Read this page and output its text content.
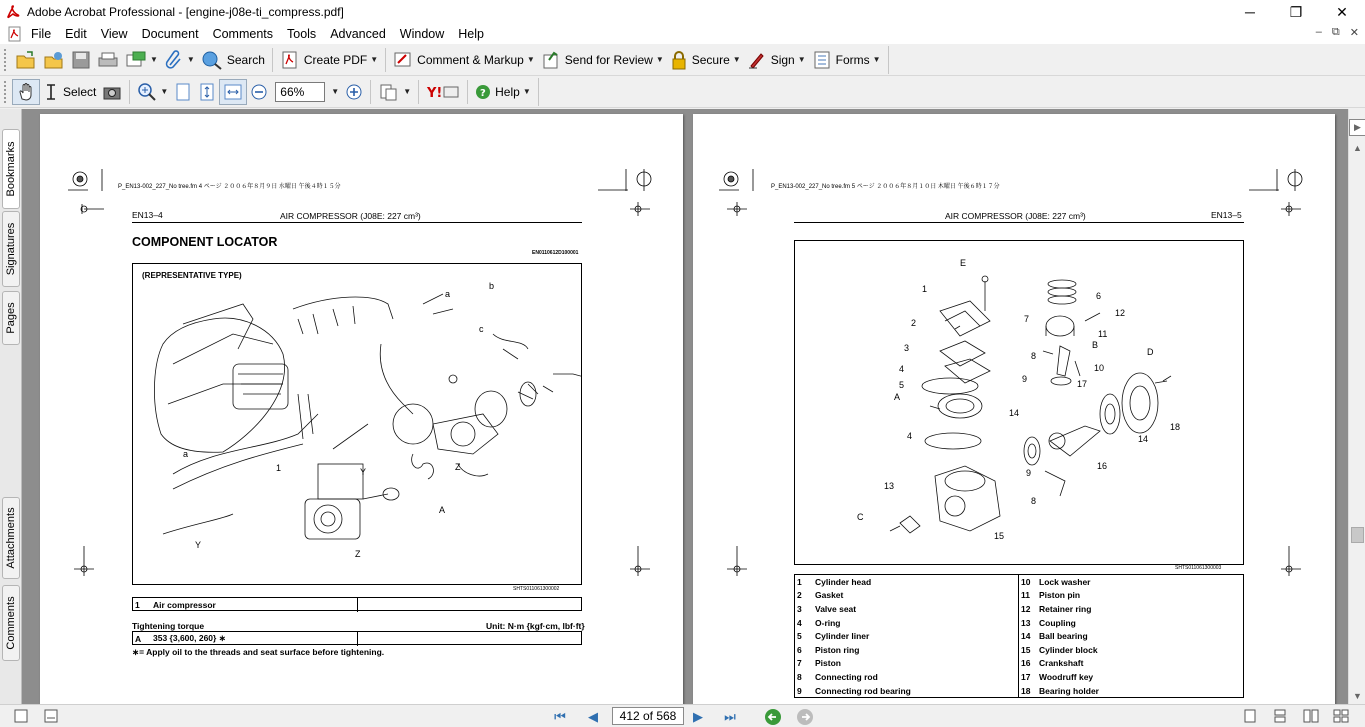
Adobe Acrobat Professional - [engine-j08e-ti_compress.pdf]	─	❐	✕
File	Edit	View	Document	Comments	Tools	Advanced	Window	Help	– ⧉ ✕
▼	▼	Search	Create PDF ▼	Comment & Markup ▼	Send for Review ▼ Secure ▼	Sign ▼	Forms ▼
Select	▼
66%	▼	▼ Y!	? Help ▼
Bookmarks
Signatures
Pages
Attachments
Comments
P_EN13-002_227_No tree.fm 4 ページ ２００６年８月９日 水曜日 午後４時１５分
EN13–4	AIR COMPRESSOR (J08E: 227 cm³)
COMPONENT LOCATOR
EN0110612D100001
(REPRESENTATIVE TYPE)
1
a
b
c
a
Y	Z
Z
Y
A
SHTS011061300002
1	Air compressor
Tightening torque	Unit: N·m {kgf·cm, lbf·ft}
A	353 {3,600, 260} ∗
∗= Apply oil to the threads and seat surface before tightening.
P_EN13-002_227_No tree.fm 5 ページ ２００６年８月１０日 木曜日 午後６時１７分
AIR COMPRESSOR (J08E: 227 cm³)	EN13–5
E
1
2
3
4
5
A
4
13
C
15
6
12
7
11
B
8
10
9	17
D
14
18
14
16
9
8
SHTS011061300003
1	Cylinder head
2	Gasket
3	Valve seat
4	O-ring
5	Cylinder liner
6	Piston ring
7	Piston
8	Connecting rod
9	Connecting rod bearing
10	Lock washer
11	Piston pin
12	Retainer ring
13	Coupling
14	Ball bearing
15	Cylinder block
16	Crankshaft
17	Woodruff key
18	Bearing holder
▶
▲
▼
⏮	◀	412 of 568	▶	⏭
